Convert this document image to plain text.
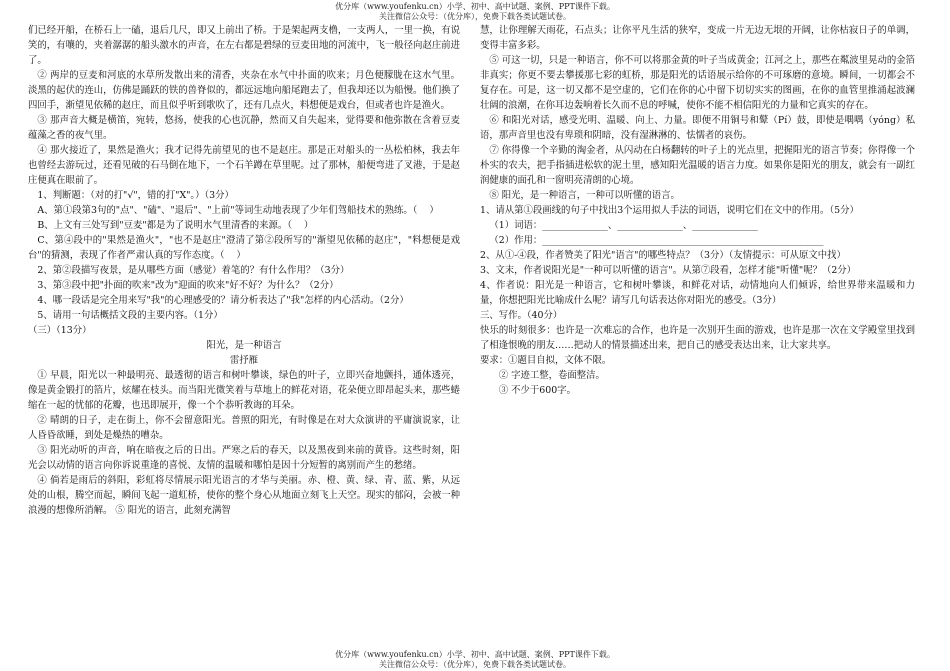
优分库（www.youfenku.cn）小学、初中、高中试题、案例、PPT课件下载。
关注微信公众号：（优分库），免费下载各类试题试卷。

们已经开船，在桥石上一磕，退后几尺，即又上前出了桥。于是架起两支橹，一支两人，一里一换，有说笑的，有嚷的，夹着潺潺的船头激水的声音，在左右都是碧绿的豆麦田地的河流中，飞一般径向赵庄前进了。

② 两岸的豆麦和河底的水草所发散出来的清香，夹杂在水气中扑面的吹来；月色便朦胧在这水气里。淡黑的起伏的连山，仿佛是踊跃的铁的兽脊似的，都远远地向船尾跑去了，但我却还以为船慢。他们换了四回手，渐望见依稀的赵庄，而且似乎听到歌吹了，还有几点火，料想便是戏台，但或者也许是渔火。

③ 那声音大概是横笛，宛转，悠扬，使我的心也沉静，然而又自失起来，觉得要和他弥散在含着豆麦蕴藻之香的夜气里。

④ 那火接近了，果然是渔火；我才记得先前望见的也不是赵庄。那是正对船头的一丛松柏林，我去年也曾经去游玩过，还看见破的石马倒在地下，一个石羊蹲在草里呢。过了那林，船便弯进了叉港，于是赵庄便真在眼前了。

1、判断题：（对的打"√"，错的打"Ⅹ"。）（3分）

A、第①段第3句的"点"、"磕"、"退后"、"上前"等词生动地表现了少年们驾船技术的熟练。（    ）

B、上文有三处写到"豆麦"都是为了说明水气里清香的来源。（    ）

C、第④段中的"果然是渔火"，"也不是赵庄"澄清了第②段所写的"渐望见依稀的赵庄"，"料想便是戏台"的猜测，表现了作者严肃认真的写作态度。（    ）

2、第②段描写夜景，是从哪些方面（感觉）着笔的？有什么作用？（3分）

3、第③段中把"扑面的吹来"改为"迎面的吹来"好不好？为什么？（2分）

4、哪一段话是完全用来写"我"的心理感受的？请分析表达了"我"怎样的内心活动。（2分）

5、请用一句话概括文段的主要内容。（1分）

（三）（13分）

阳光，是一种语言

雷抒雁

① 早晨，阳光以一种最明亮、最透彻的语言和树叶攀谈，绿色的叶子，立即兴奋地颤抖，通体透亮，像是黄金锻打的箔片，炫耀在枝头。而当阳光微笑着与草地上的鲜花对语，花朵便立即昂起头来，那些蜷缩在一起的忧郁的花瓣，也迅即展开，像一个个恭听教诲的耳朵。

② 晴朗的日子，走在街上，你不会留意阳光。普照的阳光，有时像是在对大众演讲的平庸演说家，让人昏昏欲睡，到处是燥热的嘈杂。

③ 阳光动听的声音，响在暗夜之后的日出。严寒之后的春天，以及黑夜到来前的黄昏。这些时刻，阳光会以动情的语言向你诉说重逢的喜悦、友情的温暖和哪怕是因十分短暂的离别而产生的愁绪。

④ 倘若是雨后的斜阳，彩虹将尽情展示阳光语言的才华与美丽。赤、橙、黄、绿、青、蓝、紫，从远处的山根，腾空而起，瞬间飞起一道虹桥，使你的整个身心从地面立刻飞上天空。现实的郁闷，会被一种浪漫的想像所消解。 ⑤ 阳光的语言，此刻充满智

慧，让你理解天雨花，石点头；让你平凡生活的狭窄，变成一片无边无垠的开阔，让你枯寂日子的单调，变得丰富多彩。

⑤ 可这一切，只是一种语言，你不可以将那金黄的叶子当成黄金；江河之上，那些在粼波里晃动的金箔非真实；你更不要去攀援那七彩的虹桥，那是阳光的话语展示给你的不可琢磨的意境。瞬间，一切都会不复存在。可是，这一切又都不是空虚的，它们在你的心中留下切切实实的图画，在你的血管里推涌起波澜壮阔的浪潮，在你耳边轰响着长久而不息的呼喊，使你不能不相信阳光的力量和它真实的存在。

⑥ 和阳光对话，感受光明、温暖、向上、力量。即便不用铜号和鼙（Pí）鼓，即使是喁喁（yóng）私语，那声音里也没有卑琐和阴暗，没有湿淋淋的、怯懦者的哀伤。

⑦ 你得像一个辛勤的淘金者，从闪动在白杨翻转的叶子上的光点里，把握阳光的语言节奏；你得像一个朴实的农夫，把手指插进松软的泥土里，感知阳光温暖的语言力度。如果你是阳光的朋友，就会有一副红润健康的面孔和一窗明亮清朗的心境。

⑧ 阳光，是一种语言，一种可以听懂的语言。

1、请从第①段画线的句子中找出3个运用拟人手法的词语，说明它们在文中的作用。（5分）

（1）词语：______________、______________、______________

（2）作用：____________________________________________________________

2、从①-④段，作者赞美了阳光"语言"的哪些特点？（3分）（友情提示：可从原文中找）

3、文末，作者说阳光是"一种可以听懂的语言"。从第⑦段看，怎样才能"听懂"呢？（2分）

4、作者说：阳光是一种语言，它和树叶攀谈，和鲜花对话，动情地向人们倾诉，给世界带来温暖和力量，你想把阳光比喻成什么呢？请写几句话表达你对阳光的感受。（3分）

三、写作。（40分）

快乐的时刻很多：也许是一次难忘的合作，也许是一次别开生面的游戏，也许是那一次在文学殿堂里找到了相逢恨晚的朋友……把动人的情景描述出来，把自己的感受表达出来，让大家共享。

要求：①题目自拟，文体不限。

② 字迹工整，卷面整洁。

③ 不少于600字。

优分库（www.youfenku.cn）小学、初中、高中试题、案例、PPT课件下载。
关注微信公众号：（优分库），免费下载各类试题试卷。
